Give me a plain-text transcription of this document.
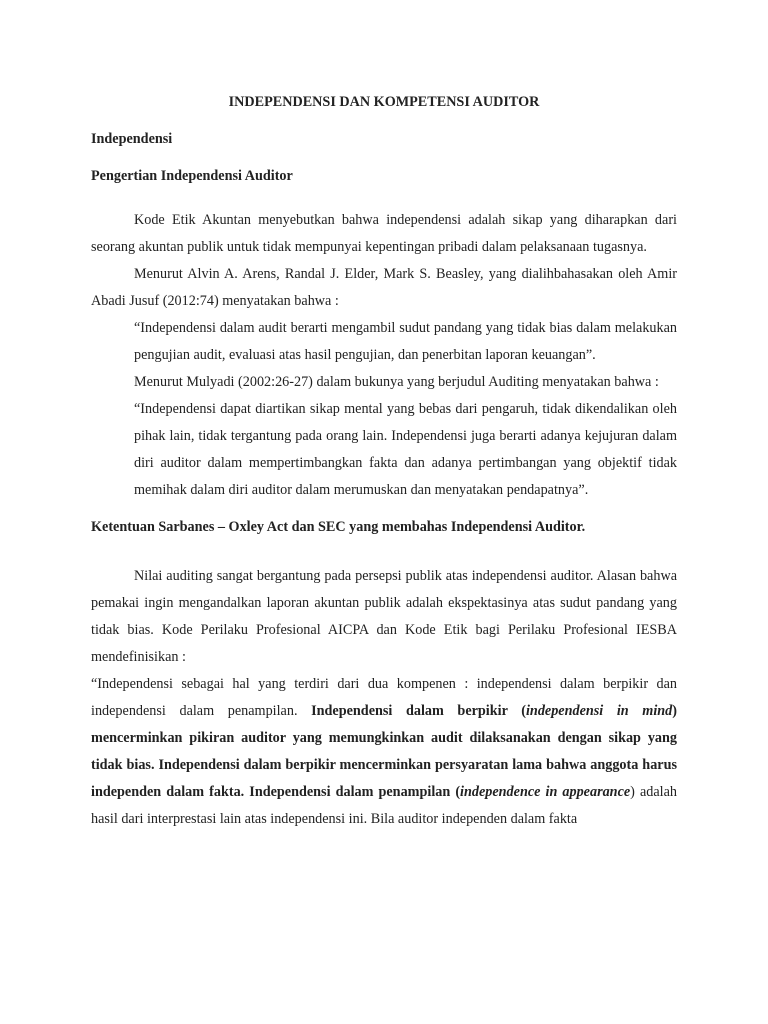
INDEPENDENSI DAN KOMPETENSI AUDITOR
Independensi
Pengertian Independensi Auditor

Kode Etik Akuntan menyebutkan bahwa independensi adalah sikap yang diharapkan dari seorang akuntan publik untuk tidak mempunyai kepentingan pribadi dalam pelaksanaan tugasnya.

Menurut Alvin A. Arens, Randal J. Elder, Mark S. Beasley, yang dialihbahasakan oleh Amir Abadi Jusuf (2012:74) menyatakan bahwa :

“Independensi dalam audit berarti mengambil sudut pandang yang tidak bias dalam melakukan pengujian audit, evaluasi atas hasil pengujian, dan penerbitan laporan keuangan”.

Menurut Mulyadi (2002:26-27) dalam bukunya yang berjudul Auditing menyatakan bahwa :

“Independensi dapat diartikan sikap mental yang bebas dari pengaruh, tidak dikendalikan oleh pihak lain, tidak tergantung pada orang lain. Independensi juga berarti adanya kejujuran dalam diri auditor dalam mempertimbangkan fakta dan adanya pertimbangan yang objektif tidak memihak dalam diri auditor dalam merumuskan dan menyatakan pendapatnya”.

Ketentuan Sarbanes – Oxley Act dan SEC yang membahas Independensi Auditor.

Nilai auditing sangat bergantung pada persepsi publik atas independensi auditor. Alasan bahwa pemakai ingin mengandalkan laporan akuntan publik adalah ekspektasinya atas sudut pandang yang tidak bias. Kode Perilaku Profesional AICPA dan Kode Etik bagi Perilaku Profesional IESBA mendefinisikan :

“Independensi sebagai hal yang terdiri dari dua kompenen : independensi dalam berpikir dan independensi dalam penampilan. Independensi dalam berpikir (independensi in mind) mencerminkan pikiran auditor yang memungkinkan audit dilaksanakan dengan sikap yang tidak bias. Independensi dalam berpikir mencerminkan persyaratan lama bahwa anggota harus independen dalam fakta. Independensi dalam penampilan (independence in appearance) adalah hasil dari interprestasi lain atas independensi ini. Bila auditor independen dalam fakta
